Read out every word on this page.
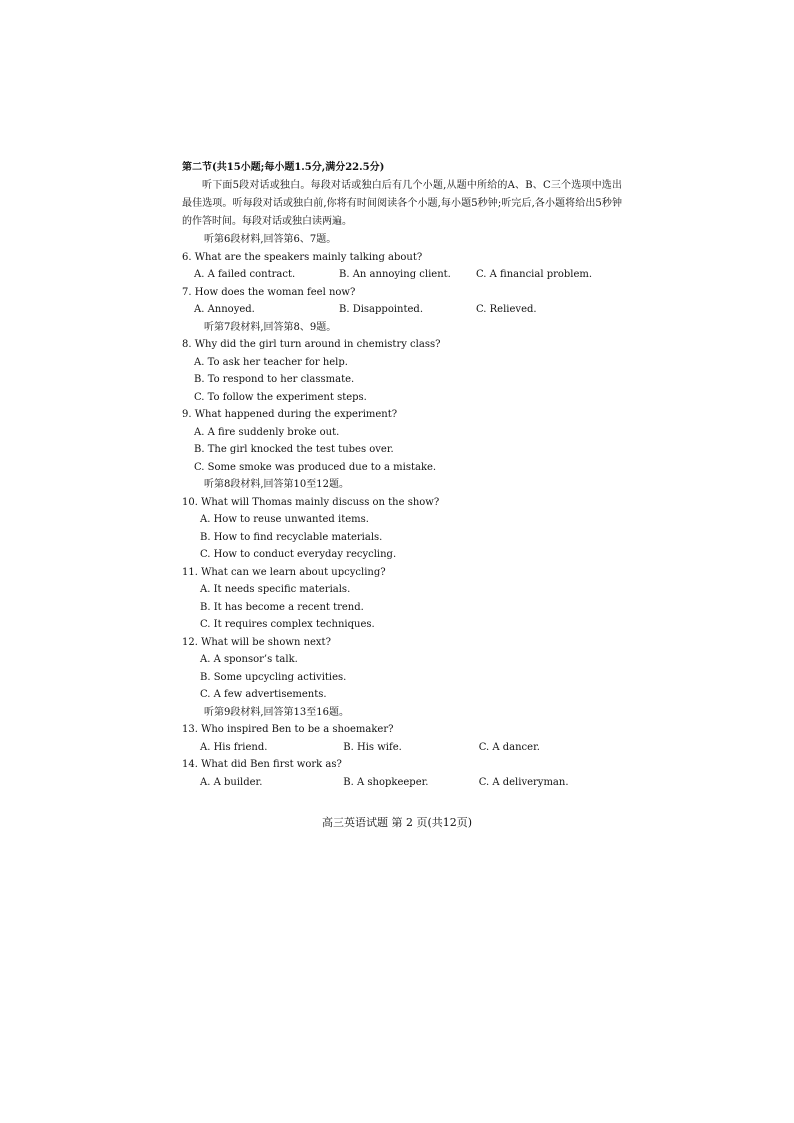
第二节(共15小题;每小题1.5分,满分22.5分)
听下面5段对话或独白。每段对话或独白后有几个小题,从题中所给的A、B、C三个选项中选出最佳选项。听每段对话或独白前,你将有时间阅读各个小题,每小题5秒钟;听完后,各小题将给出5秒钟的作答时间。每段对话或独白读两遍。
听第6段材料,回答第6、7题。
6. What are the speakers mainly talking about?
A. A failed contract.	B. An annoying client.	C. A financial problem.
7. How does the woman feel now?
A. Annoyed.	B. Disappointed.	C. Relieved.
听第7段材料,回答第8、9题。
8. Why did the girl turn around in chemistry class?
A. To ask her teacher for help.
B. To respond to her classmate.
C. To follow the experiment steps.
9. What happened during the experiment?
A. A fire suddenly broke out.
B. The girl knocked the test tubes over.
C. Some smoke was produced due to a mistake.
听第8段材料,回答第10至12题。
10. What will Thomas mainly discuss on the show?
A. How to reuse unwanted items.
B. How to find recyclable materials.
C. How to conduct everyday recycling.
11. What can we learn about upcycling?
A. It needs specific materials.
B. It has become a recent trend.
C. It requires complex techniques.
12. What will be shown next?
A. A sponsor’s talk.
B. Some upcycling activities.
C. A few advertisements.
听第9段材料,回答第13至16题。
13. Who inspired Ben to be a shoemaker?
A. His friend.	B. His wife.	C. A dancer.
14. What did Ben first work as?
A. A builder.	B. A shopkeeper.	C. A deliveryman.
高三英语试题 第 2 页(共12页)
